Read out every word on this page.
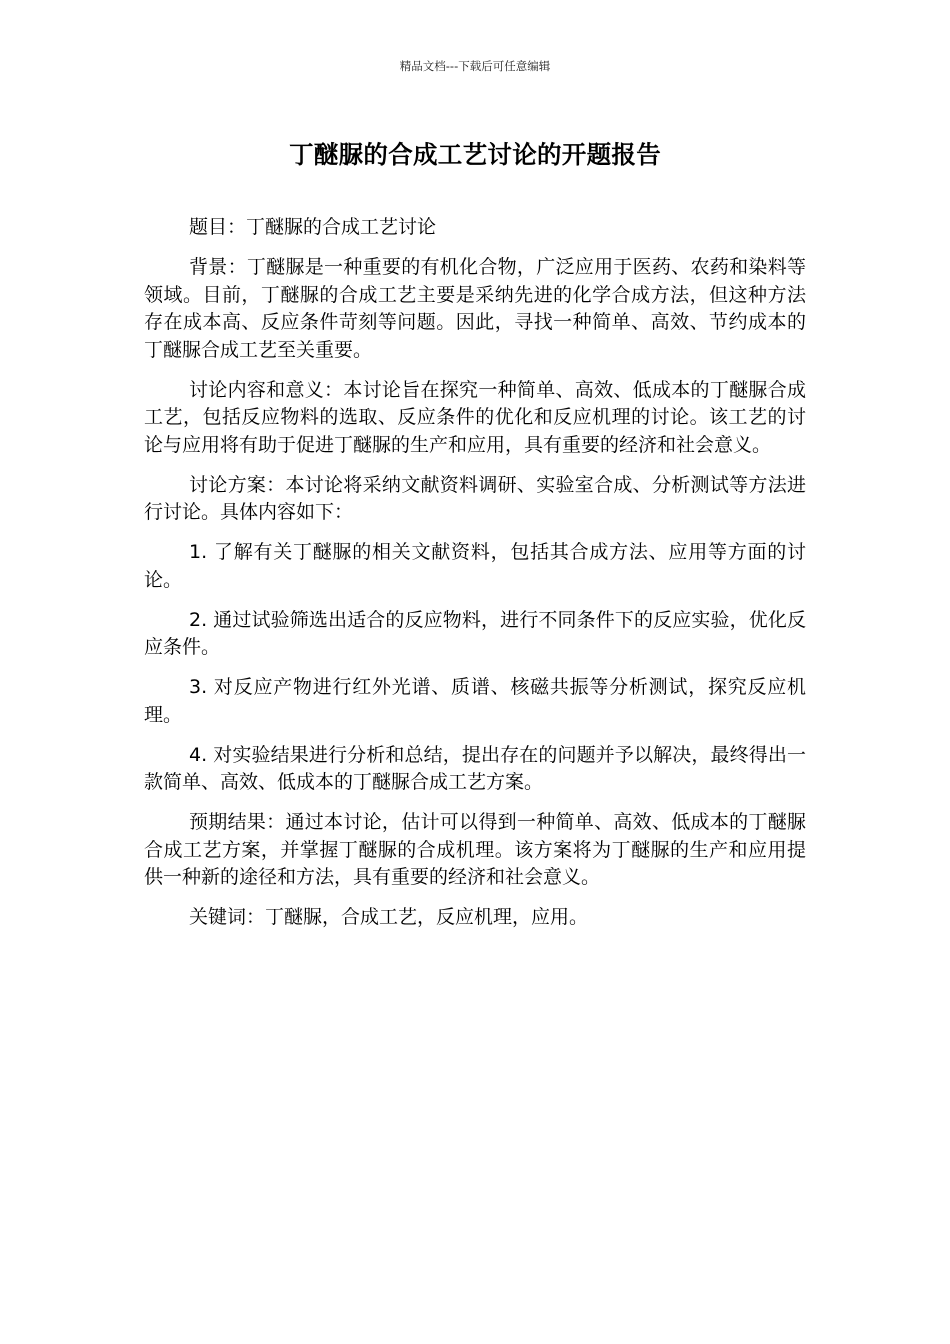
精品文档---下载后可任意编辑
丁醚脲的合成工艺讨论的开题报告

题目：丁醚脲的合成工艺讨论

背景：丁醚脲是一种重要的有机化合物，广泛应用于医药、农药和染料等领域。目前，丁醚脲的合成工艺主要是采纳先进的化学合成方法，但这种方法存在成本高、反应条件苛刻等问题。因此，寻找一种简单、高效、节约成本的丁醚脲合成工艺至关重要。

讨论内容和意义：本讨论旨在探究一种简单、高效、低成本的丁醚脲合成工艺，包括反应物料的选取、反应条件的优化和反应机理的讨论。该工艺的讨论与应用将有助于促进丁醚脲的生产和应用，具有重要的经济和社会意义。

讨论方案：本讨论将采纳文献资料调研、实验室合成、分析测试等方法进行讨论。具体内容如下：

1. 了解有关丁醚脲的相关文献资料，包括其合成方法、应用等方面的讨论。

2. 通过试验筛选出适合的反应物料，进行不同条件下的反应实验，优化反应条件。

3. 对反应产物进行红外光谱、质谱、核磁共振等分析测试，探究反应机理。

4. 对实验结果进行分析和总结，提出存在的问题并予以解决，最终得出一款简单、高效、低成本的丁醚脲合成工艺方案。

预期结果：通过本讨论，估计可以得到一种简单、高效、低成本的丁醚脲合成工艺方案，并掌握丁醚脲的合成机理。该方案将为丁醚脲的生产和应用提供一种新的途径和方法，具有重要的经济和社会意义。

关键词：丁醚脲，合成工艺，反应机理，应用。
